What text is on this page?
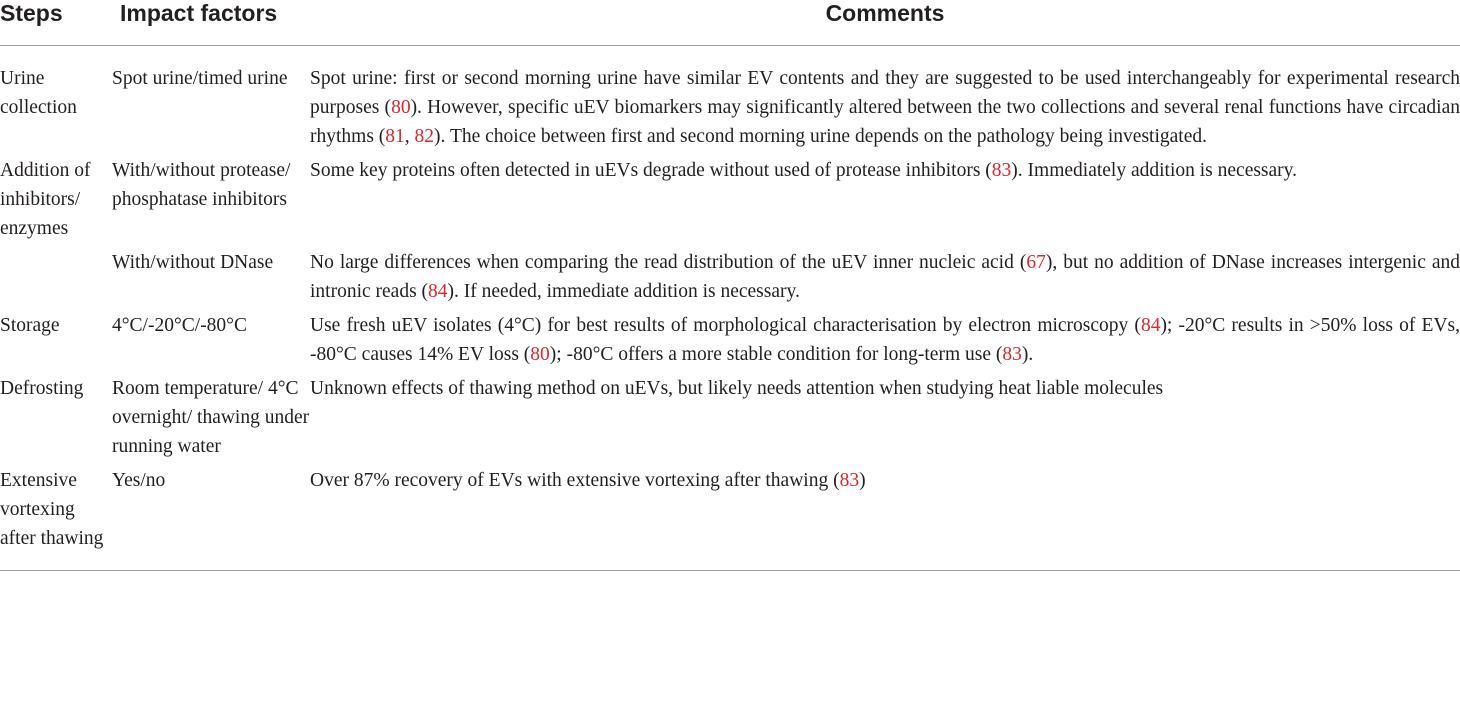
Steps	Impact factors	Comments
Urine collection	Spot urine/timed urine	Spot urine: first or second morning urine have similar EV contents and they are suggested to be used interchangeably for experimental research purposes (80). However, specific uEV biomarkers may significantly altered between the two collections and several renal functions have circadian rhythms (81, 82). The choice between first and second morning urine depends on the pathology being investigated.
Addition of inhibitors/ enzymes	With/without protease/ phosphatase inhibitors	Some key proteins often detected in uEVs degrade without used of protease inhibitors (83). Immediately addition is necessary.
	With/without DNase	No large differences when comparing the read distribution of the uEV inner nucleic acid (67), but no addition of DNase increases intergenic and intronic reads (84). If needed, immediate addition is necessary.
Storage	4°C/-20°C/-80°C	Use fresh uEV isolates (4°C) for best results of morphological characterisation by electron microscopy (84); -20°C results in >50% loss of EVs, -80°C causes 14% EV loss (80); -80°C offers a more stable condition for long-term use (83).
Defrosting	Room temperature/ 4°C overnight/ thawing under running water	Unknown effects of thawing method on uEVs, but likely needs attention when studying heat liable molecules
Extensive vortexing after thawing	Yes/no	Over 87% recovery of EVs with extensive vortexing after thawing (83)
